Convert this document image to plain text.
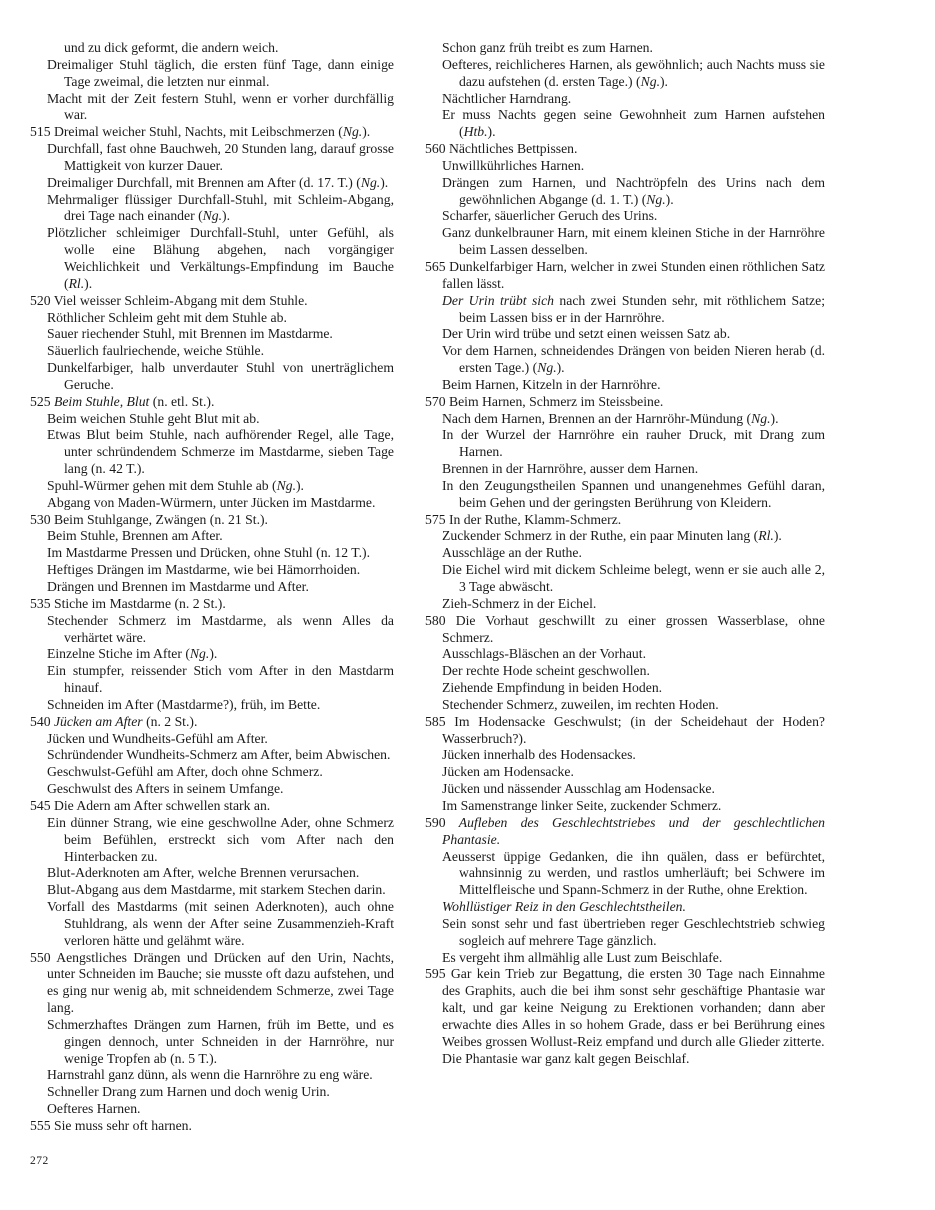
und zu dick geformt, die andern weich.

Dreimaliger Stuhl täglich, die ersten fünf Tage, dann einige Tage zweimal, die letzten nur einmal.

Macht mit der Zeit festern Stuhl, wenn er vorher durchfällig war.

515 Dreimal weicher Stuhl, Nachts, mit Leibschmerzen (Ng.).

Durchfall, fast ohne Bauchweh, 20 Stunden lang, darauf grosse Mattigkeit von kurzer Dauer.

Dreimaliger Durchfall, mit Brennen am After (d. 17. T.) (Ng.).

Mehrmaliger flüssiger Durchfall-Stuhl, mit Schleim-Abgang, drei Tage nach einander (Ng.).

Plötzlicher schleimiger Durchfall-Stuhl, unter Gefühl, als wolle eine Blähung abgehen, nach vorgängiger Weichlichkeit und Verkältungs-Empfindung im Bauche (Rl.).

520 Viel weisser Schleim-Abgang mit dem Stuhle.

Röthlicher Schleim geht mit dem Stuhle ab.

Sauer riechender Stuhl, mit Brennen im Mastdarme.

Säuerlich faulriechende, weiche Stühle.

Dunkelfarbiger, halb unverdauter Stuhl von unerträglichem Geruche.

525 Beim Stuhle, Blut (n. etl. St.).

Beim weichen Stuhle geht Blut mit ab.

Etwas Blut beim Stuhle, nach aufhörender Regel, alle Tage, unter schründendem Schmerze im Mastdarme, sieben Tage lang (n. 42 T.).

Spuhl-Würmer gehen mit dem Stuhle ab (Ng.).

Abgang von Maden-Würmern, unter Jücken im Mastdarme.

530 Beim Stuhlgange, Zwängen (n. 21 St.).

Beim Stuhle, Brennen am After.

Im Mastdarme Pressen und Drücken, ohne Stuhl (n. 12 T.).

Heftiges Drängen im Mastdarme, wie bei Hämorrhoiden.

Drängen und Brennen im Mastdarme und After.

535 Stiche im Mastdarme (n. 2 St.).

Stechender Schmerz im Mastdarme, als wenn Alles da verhärtet wäre.

Einzelne Stiche im After (Ng.).

Ein stumpfer, reissender Stich vom After in den Mastdarm hinauf.

Schneiden im After (Mastdarme?), früh, im Bette.

540 Jücken am After (n. 2 St.).

Jücken und Wundheits-Gefühl am After.

Schründender Wundheits-Schmerz am After, beim Abwischen.

Geschwulst-Gefühl am After, doch ohne Schmerz.

Geschwulst des Afters in seinem Umfange.

545 Die Adern am After schwellen stark an.

Ein dünner Strang, wie eine geschwollne Ader, ohne Schmerz beim Befühlen, erstreckt sich vom After nach den Hinterbacken zu.

Blut-Aderknoten am After, welche Brennen verursachen.

Blut-Abgang aus dem Mastdarme, mit starkem Stechen darin.

Vorfall des Mastdarms (mit seinen Aderknoten), auch ohne Stuhldrang, als wenn der After seine Zusammenzieh-Kraft verloren hätte und gelähmt wäre.

550 Aengstliches Drängen und Drücken auf den Urin, Nachts, unter Schneiden im Bauche; sie musste oft dazu aufstehen, und es ging nur wenig ab, mit schneidendem Schmerze, zwei Tage lang.

Schmerzhaftes Drängen zum Harnen, früh im Bette, und es gingen dennoch, unter Schneiden in der Harnröhre, nur wenige Tropfen ab (n. 5 T.).

Harnstrahl ganz dünn, als wenn die Harnröhre zu eng wäre.

Schneller Drang zum Harnen und doch wenig Urin.

Oefteres Harnen.

555 Sie muss sehr oft harnen.

Schon ganz früh treibt es zum Harnen.

Oefteres, reichlicheres Harnen, als gewöhnlich; auch Nachts muss sie dazu aufstehen (d. ersten Tage.) (Ng.).

Nächtlicher Harndrang.

Er muss Nachts gegen seine Gewohnheit zum Harnen aufstehen (Htb.).

560 Nächtliches Bettpissen.

Unwillkührliches Harnen.

Drängen zum Harnen, und Nachtröpfeln des Urins nach dem gewöhnlichen Abgange (d. 1. T.) (Ng.).

Scharfer, säuerlicher Geruch des Urins.

Ganz dunkelbrauner Harn, mit einem kleinen Stiche in der Harnröhre beim Lassen desselben.

565 Dunkelfarbiger Harn, welcher in zwei Stunden einen röthlichen Satz fallen lässt.

Der Urin trübt sich nach zwei Stunden sehr, mit röthlichem Satze; beim Lassen biss er in der Harnröhre.

Der Urin wird trübe und setzt einen weissen Satz ab.

Vor dem Harnen, schneidendes Drängen von beiden Nieren herab (d. ersten Tage.) (Ng.).

Beim Harnen, Kitzeln in der Harnröhre.

570 Beim Harnen, Schmerz im Steissbeine.

Nach dem Harnen, Brennen an der Harnröhr-Mündung (Ng.).

In der Wurzel der Harnröhre ein rauher Druck, mit Drang zum Harnen.

Brennen in der Harnröhre, ausser dem Harnen.

In den Zeugungstheilen Spannen und unangenehmes Gefühl daran, beim Gehen und der geringsten Berührung von Kleidern.

575 In der Ruthe, Klamm-Schmerz.

Zuckender Schmerz in der Ruthe, ein paar Minuten lang (Rl.).

Ausschläge an der Ruthe.

Die Eichel wird mit dickem Schleime belegt, wenn er sie auch alle 2, 3 Tage abwäscht.

Zieh-Schmerz in der Eichel.

580 Die Vorhaut geschwillt zu einer grossen Wasserblase, ohne Schmerz.

Ausschlags-Bläschen an der Vorhaut.

Der rechte Hode scheint geschwollen.

Ziehende Empfindung in beiden Hoden.

Stechender Schmerz, zuweilen, im rechten Hoden.

585 Im Hodensacke Geschwulst; (in der Scheidehaut der Hoden? Wasserbruch?).

Jücken innerhalb des Hodensackes.

Jücken am Hodensacke.

Jücken und nässender Ausschlag am Hodensacke.

Im Samenstrange linker Seite, zuckender Schmerz.

590 Aufleben des Geschlechtstriebes und der geschlechtlichen Phantasie.

Aeusserst üppige Gedanken, die ihn quälen, dass er befürchtet, wahnsinnig zu werden, und rastlos umherläuft; bei Schwere im Mittelfleische und Spann-Schmerz in der Ruthe, ohne Erektion.

Wohllüstiger Reiz in den Geschlechtstheilen.

Sein sonst sehr und fast übertrieben reger Geschlechtstrieb schwieg sogleich auf mehrere Tage gänzlich.

Es vergeht ihm allmählig alle Lust zum Beischlafe.

595 Gar kein Trieb zur Begattung, die ersten 30 Tage nach Einnahme des Graphits, auch die bei ihm sonst sehr geschäftige Phantasie war kalt, und gar keine Neigung zu Erektionen vorhanden; dann aber erwachte dies Alles in so hohem Grade, dass er bei Berührung eines Weibes grossen Wollust-Reiz empfand und durch alle Glieder zitterte.

Die Phantasie war ganz kalt gegen Beischlaf.

272
